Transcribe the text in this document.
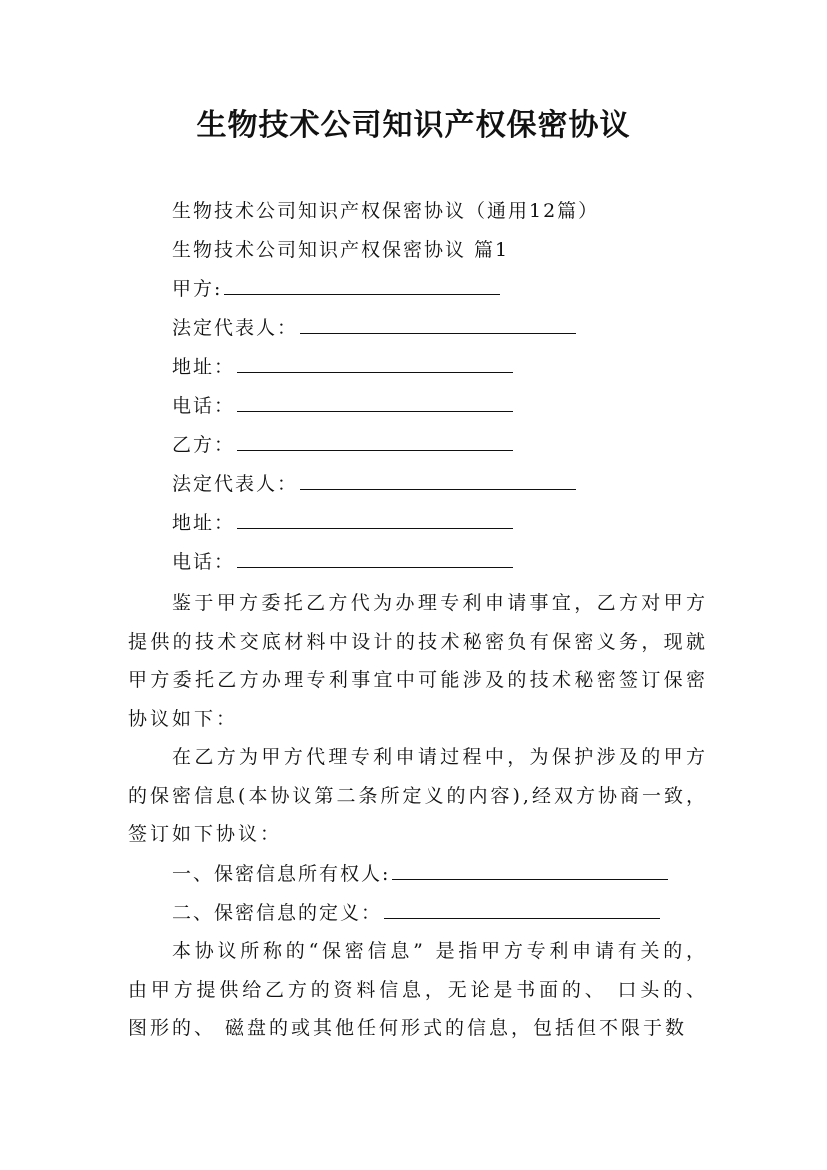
生物技术公司知识产权保密协议
生物技术公司知识产权保密协议（通用12篇）
生物技术公司知识产权保密协议 篇1
甲方:
法定代表人：
地址：
电话：
乙方：
法定代表人：
地址：
电话：
鉴于甲方委托乙方代为办理专利申请事宜，乙方对甲方提供的技术交底材料中设计的技术秘密负有保密义务，现就甲方委托乙方办理专利事宜中可能涉及的技术秘密签订保密协议如下：
在乙方为甲方代理专利申请过程中，为保护涉及的甲方的保密信息(本协议第二条所定义的内容),经双方协商一致，签订如下协议：
一、保密信息所有权人:
二、保密信息的定义：
本协议所称的“保密信息” 是指甲方专利申请有关的，由甲方提供给乙方的资料信息，无论是书面的、 口头的、图形的、 磁盘的或其他任何形式的信息，包括但不限于数
